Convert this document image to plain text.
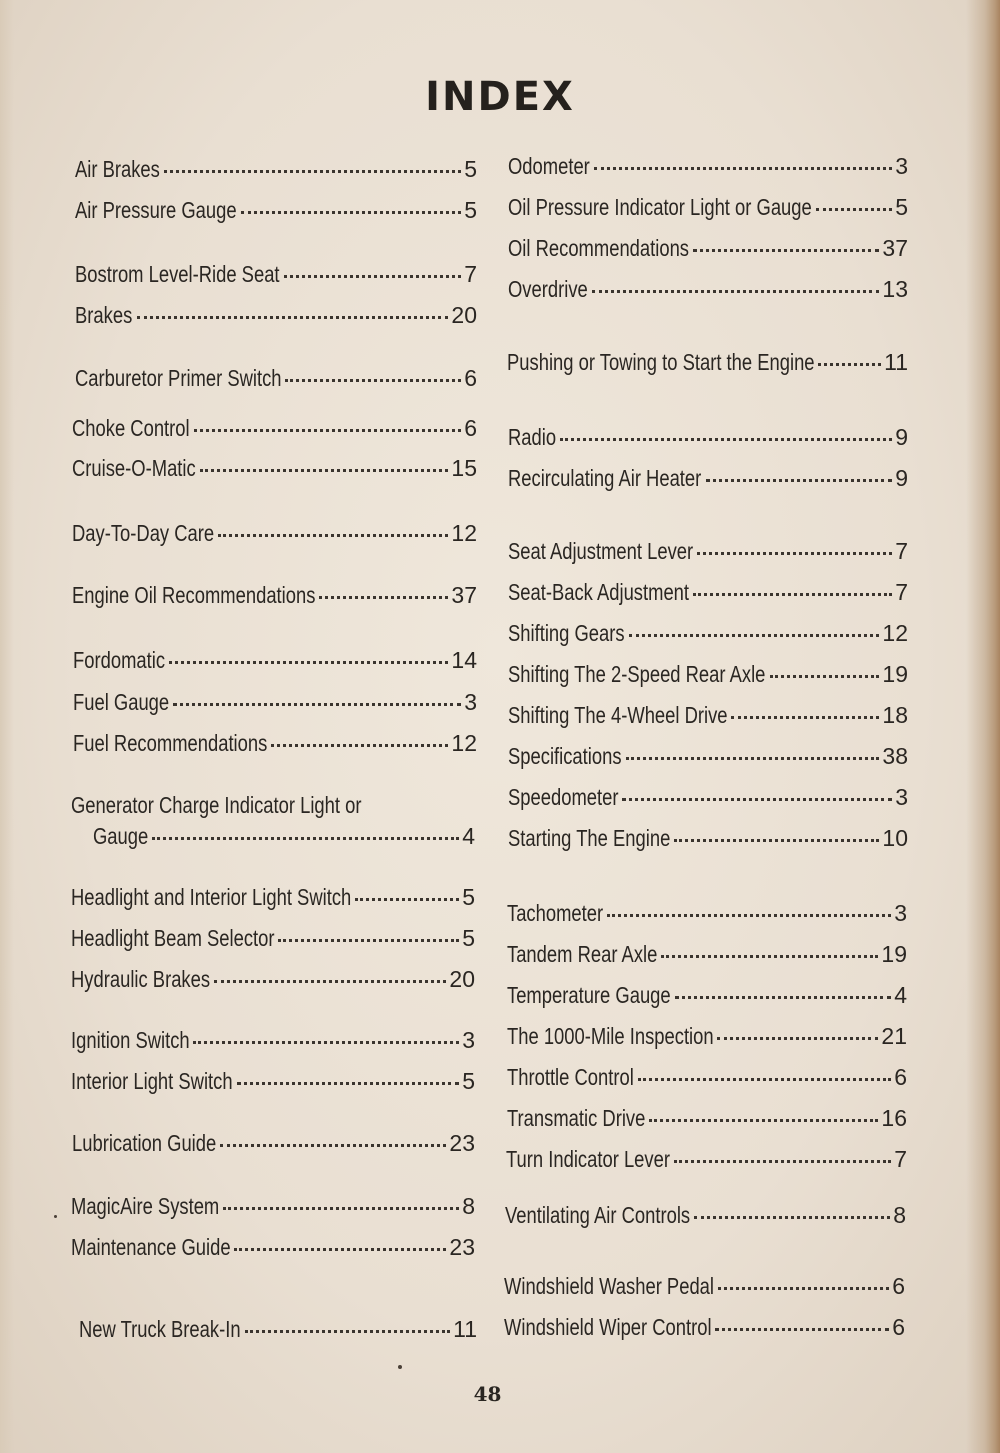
INDEX
Air Brakes	5
Air Pressure Gauge	5
Bostrom Level-Ride Seat	7
Brakes	20
Carburetor Primer Switch	6
Choke Control	6
Cruise-O-Matic	15
Day-To-Day Care	12
Engine Oil Recommendations	37
Fordomatic	14
Fuel Gauge	3
Fuel Recommendations	12
Generator Charge Indicator Light or
Gauge	4
Headlight and Interior Light Switch	5
Headlight Beam Selector	5
Hydraulic Brakes	20
Ignition Switch	3
Interior Light Switch	5
Lubrication Guide	23
MagicAire System	8
Maintenance Guide	23
New Truck Break-In	11
Odometer	3
Oil Pressure Indicator Light or Gauge	5
Oil Recommendations	37
Overdrive	13
Pushing or Towing to Start the Engine	11
Radio	9
Recirculating Air Heater	9
Seat Adjustment Lever	7
Seat-Back Adjustment	7
Shifting Gears	12
Shifting The 2-Speed Rear Axle	19
Shifting The 4-Wheel Drive	18
Specifications	38
Speedometer	3
Starting The Engine	10
Tachometer	3
Tandem Rear Axle	19
Temperature Gauge	4
The 1000-Mile Inspection	21
Throttle Control	6
Transmatic Drive	16
Turn Indicator Lever	7
Ventilating Air Controls	8
Windshield Washer Pedal	6
Windshield Wiper Control	6
48
